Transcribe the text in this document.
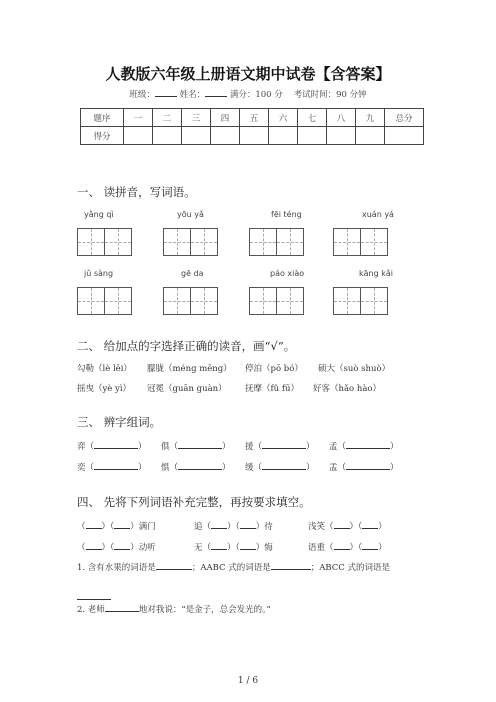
人教版六年级上册语文期中试卷【含答案】
班级：	姓名：	满分：100 分 考试时间：90 分钟
题序	一	二	三	四	五	六	七	八	九	总分
得分										
一、 读拼音，写词语。
yǎng qì	yōu yǎ	fēi téng	xuán yá
jǔ sàng	gē da	páo xiào	kāng kǎi
二、 给加点的字选择正确的读音，画“√”。
勾勒（lè lēi） 朦胧（méng mēng） 停泊（pō bó） 硕大（suò shuò）
摇曳（yè yì） 冠冕（guān guàn） 抚摩（fǔ fū） 好客（hǎo hào）
三、 辨字组词。
弈（	） 俱（	） 援（	） 孟（	）
奕（	） 惧（	） 缓（	） 盂（	）
四、 先将下列词语补充完整，再按要求填空。
（ ）（ ）满门	追（ ）（ ）待	浅笑（ ）（ ）
（ ）（ ）动听	无（ ）（ ）悔	语重（ ）（ ）
1. 含有水果的词语是	；AABC 式的词语是	；ABCC 式的词语是
2. 老师	地对我说：“是金子，总会发光的。”
1 / 6
